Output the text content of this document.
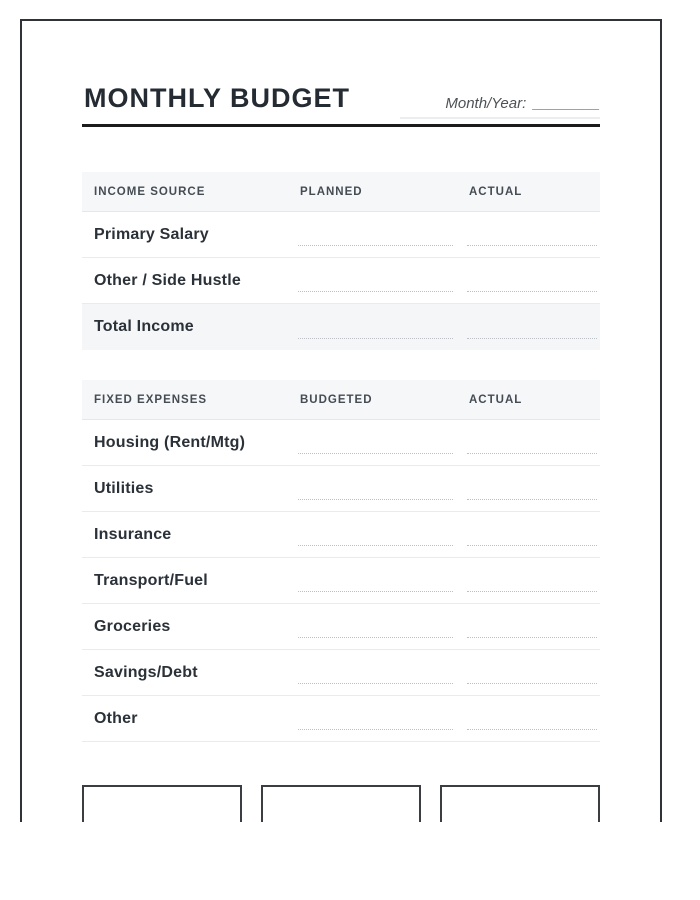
MONTHLY BUDGET	Month/Year: ________
INCOME SOURCE	PLANNED	ACTUAL
Primary Salary
Other / Side Hustle
Total Income
FIXED EXPENSES	BUDGETED	ACTUAL
Housing (Rent/Mtg)
Utilities
Insurance
Transport/Fuel
Groceries
Savings/Debt
Other
